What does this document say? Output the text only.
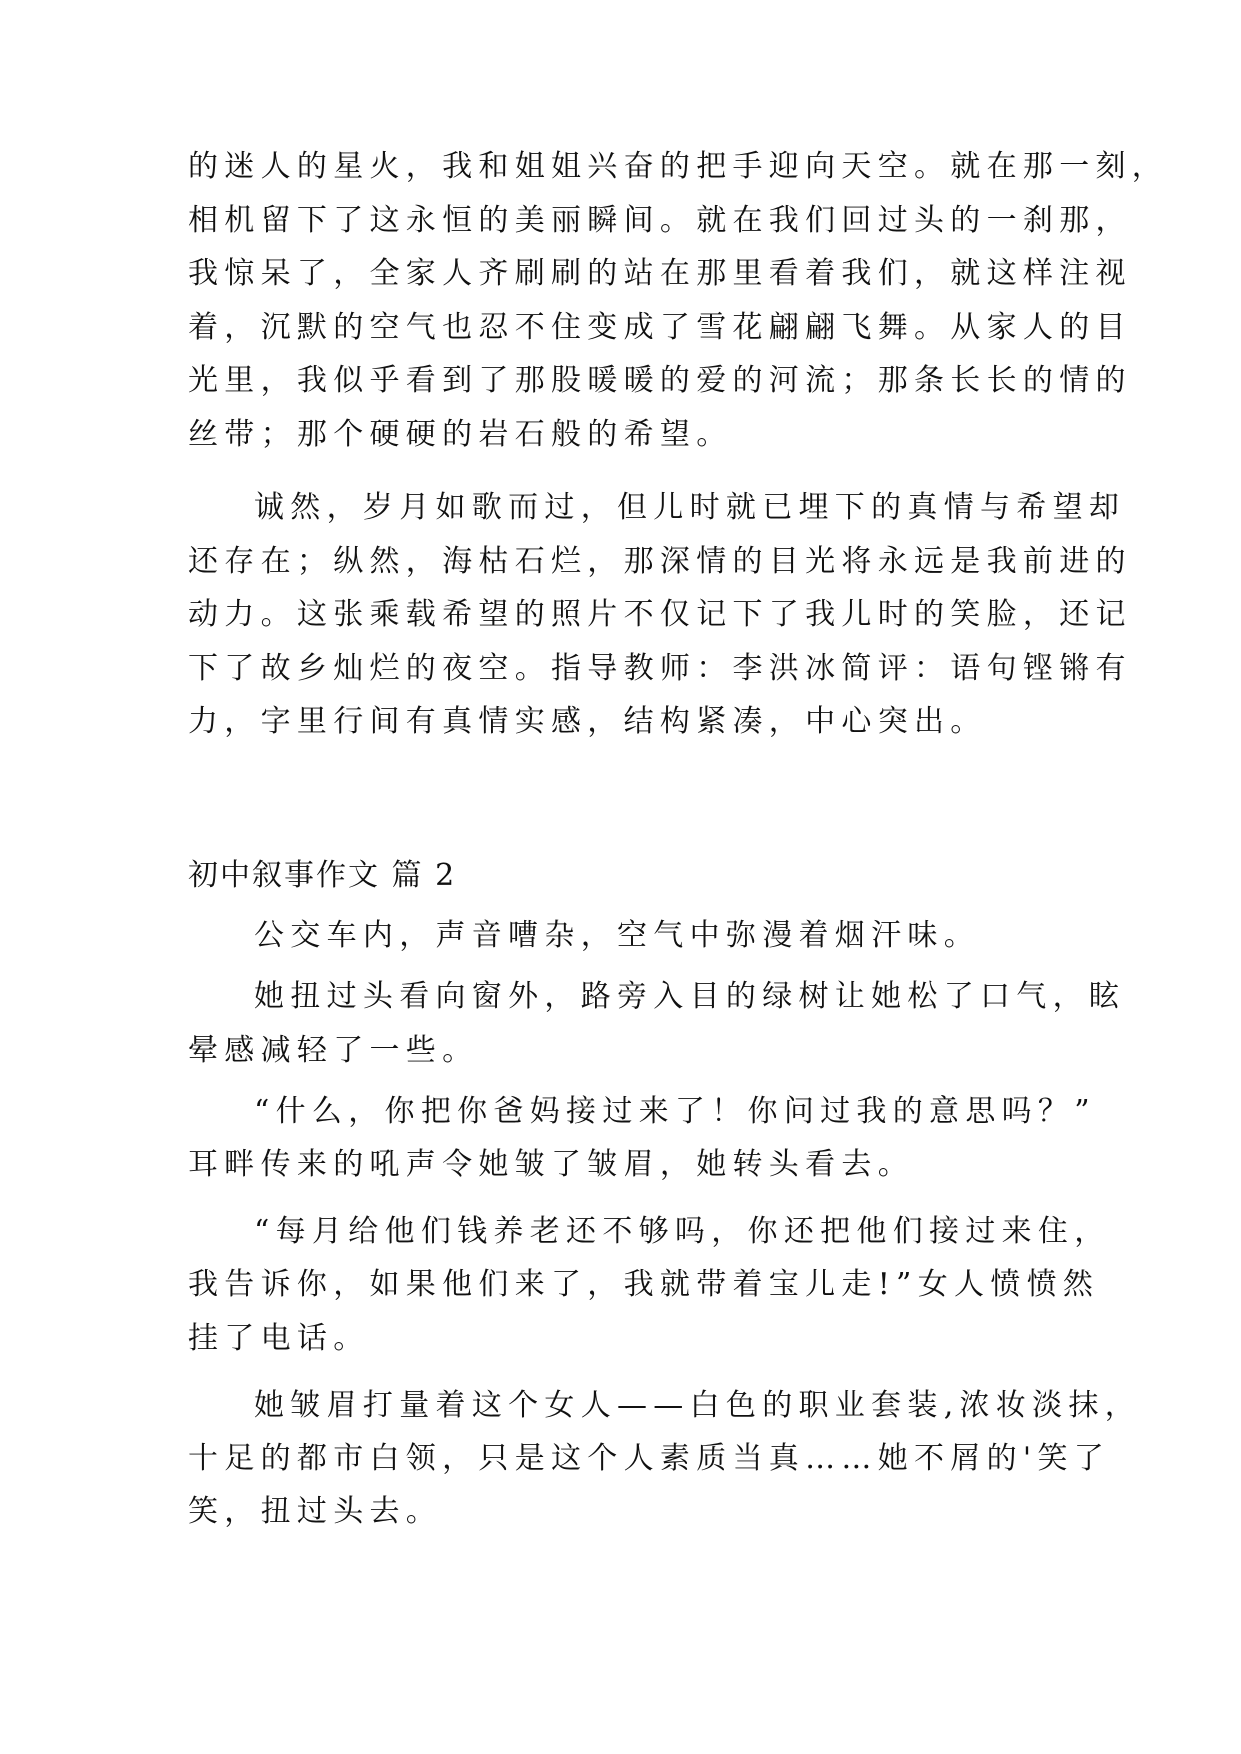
的迷人的星火，我和姐姐兴奋的把手迎向天空。就在那一刻，
相机留下了这永恒的美丽瞬间。就在我们回过头的一刹那，
我惊呆了，全家人齐刷刷的站在那里看着我们，就这样注视
着，沉默的空气也忍不住变成了雪花翩翩飞舞。从家人的目
光里，我似乎看到了那股暖暖的爱的河流；那条长长的情的
丝带；那个硬硬的岩石般的希望。
诚然，岁月如歌而过，但儿时就已埋下的真情与希望却
还存在；纵然，海枯石烂，那深情的目光将永远是我前进的
动力。这张乘载希望的照片不仅记下了我儿时的笑脸，还记
下了故乡灿烂的夜空。指导教师：李洪冰简评：语句铿锵有
力，字里行间有真情实感，结构紧凑，中心突出。
初中叙事作文 篇 2
公交车内，声音嘈杂，空气中弥漫着烟汗味。
她扭过头看向窗外，路旁入目的绿树让她松了口气，眩
晕感减轻了一些。
“什么，你把你爸妈接过来了！你问过我的意思吗？”
耳畔传来的吼声令她皱了皱眉，她转头看去。
“每月给他们钱养老还不够吗，你还把他们接过来住，
我告诉你，如果他们来了，我就带着宝儿走!”女人愤愤然
挂了电话。
她皱眉打量着这个女人——白色的职业套装,浓妆淡抹，
十足的都市白领，只是这个人素质当真……她不屑的'笑了
笑，扭过头去。
